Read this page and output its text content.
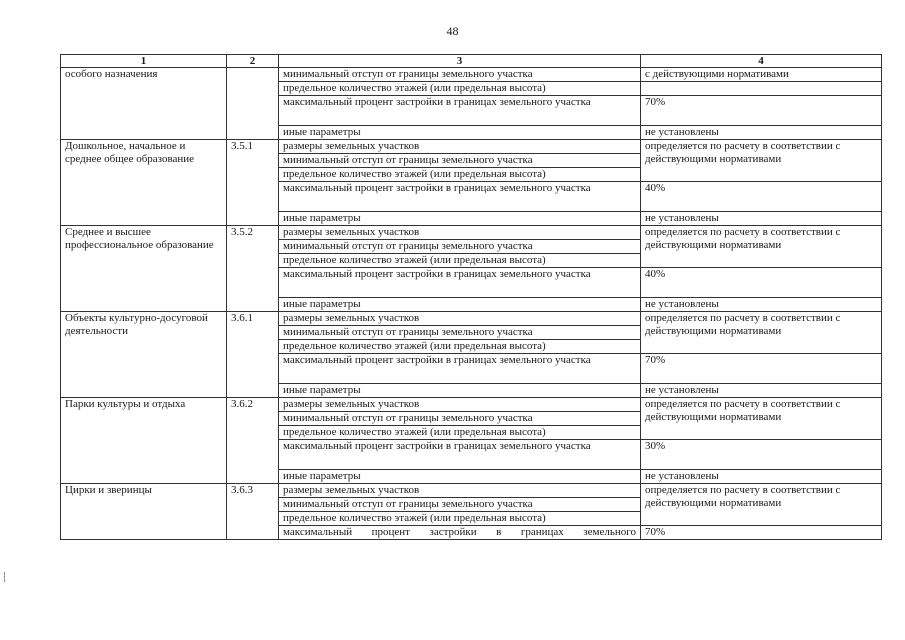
48
1	2	3	4
особого назначения		минимальный отступ от границы земельного участка	с действующими нормативами
		предельное количество этажей (или предельная высота)	
		максимальный процент застройки в границах земельного участка	70%
		иные параметры	не установлены
Дошкольное, начальное и среднее общее образование	3.5.1	размеры земельных участков	определяется по расчету в соответствии с действующими нормативами
		минимальный отступ от границы земельного участка	
		предельное количество этажей (или предельная высота)	
		максимальный процент застройки в границах земельного участка	40%
		иные параметры	не установлены
Среднее и высшее профессиональное образование	3.5.2	размеры земельных участков	определяется по расчету в соответствии с действующими нормативами
		минимальный отступ от границы земельного участка	
		предельное количество этажей (или предельная высота)	
		максимальный процент застройки в границах земельного участка	40%
		иные параметры	не установлены
Объекты культурно-досуговой деятельности	3.6.1	размеры земельных участков	определяется по расчету в соответствии с действующими нормативами
		минимальный отступ от границы земельного участка	
		предельное количество этажей (или предельная высота)	
		максимальный процент застройки в границах земельного участка	70%
		иные параметры	не установлены
Парки культуры и отдыха	3.6.2	размеры земельных участков	определяется по расчету в соответствии с действующими нормативами
		минимальный отступ от границы земельного участка	
		предельное количество этажей (или предельная высота)	
		максимальный процент застройки в границах земельного участка	30%
		иные параметры	не установлены
Цирки и зверинцы	3.6.3	размеры земельных участков	определяется по расчету в соответствии с действующими нормативами
		минимальный отступ от границы земельного участка	
		предельное количество этажей (или предельная высота)	
		максимальный процент застройки в границах земельного	70%
